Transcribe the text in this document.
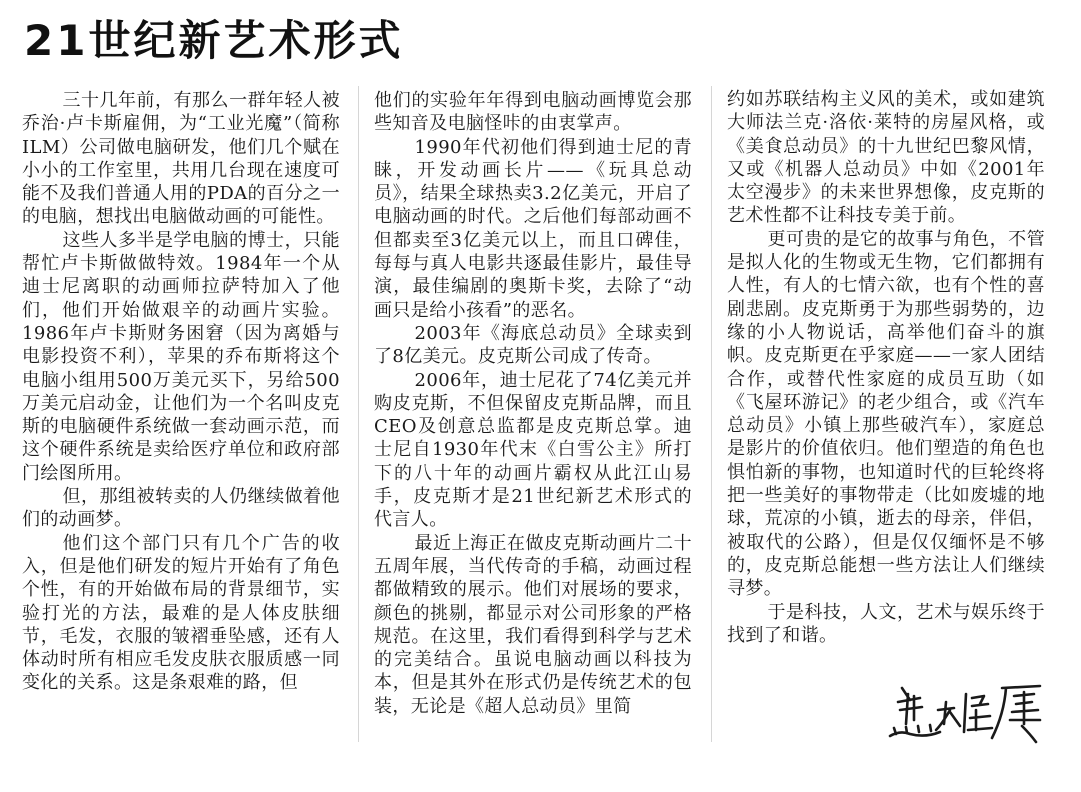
21世纪新艺术形式

三十几年前，有那么一群年轻人被乔治·卢卡斯雇佣，为“工业光魔”（简称ILM）公司做电脑研发，他们几个赋在小小的工作室里，共用几台现在速度可能不及我们普通人用的PDA的百分之一的电脑，想找出电脑做动画的可能性。

这些人多半是学电脑的博士，只能帮忙卢卡斯做做特效。1984年一个从迪士尼离职的动画师拉萨特加入了他们，他们开始做艰辛的动画片实验。1986年卢卡斯财务困窘（因为离婚与电影投资不利），苹果的乔布斯将这个电脑小组用500万美元买下，另给500万美元启动金，让他们为一个名叫皮克斯的电脑硬件系统做一套动画示范，而这个硬件系统是卖给医疗单位和政府部门绘图所用。

但，那组被转卖的人仍继续做着他们的动画梦。

他们这个部门只有几个广告的收入，但是他们研发的短片开始有了角色个性，有的开始做布局的背景细节，实验打光的方法，最难的是人体皮肤细节，毛发，衣服的皱褶垂坠感，还有人体动时所有相应毛发皮肤衣服质感一同变化的关系。这是条艰难的路，但

他们的实验年年得到电脑动画博览会那些知音及电脑怪咔的由衷掌声。

1990年代初他们得到迪士尼的青睐，开发动画长片——《玩具总动员》，结果全球热卖3.2亿美元，开启了电脑动画的时代。之后他们每部动画不但都卖至3亿美元以上，而且口碑佳，每每与真人电影共逐最佳影片，最佳导演，最佳编剧的奥斯卡奖，去除了“动画只是给小孩看”的恶名。

2003年《海底总动员》全球卖到了8亿美元。皮克斯公司成了传奇。

2006年，迪士尼花了74亿美元并购皮克斯，不但保留皮克斯品牌，而且CEO及创意总监都是皮克斯总掌。迪士尼自1930年代末《白雪公主》所打下的八十年的动画片霸权从此江山易手，皮克斯才是21世纪新艺术形式的代言人。

最近上海正在做皮克斯动画片二十五周年展，当代传奇的手稿，动画过程都做精致的展示。他们对展场的要求，颜色的挑剔，都显示对公司形象的严格规范。在这里，我们看得到科学与艺术的完美结合。虽说电脑动画以科技为本，但是其外在形式仍是传统艺术的包装，无论是《超人总动员》里简

约如苏联结构主义风的美术，或如建筑大师法兰克·洛依·莱特的房屋风格，或《美食总动员》的十九世纪巴黎风情，又或《机器人总动员》中如《2001年太空漫步》的未来世界想像，皮克斯的艺术性都不让科技专美于前。

更可贵的是它的故事与角色，不管是拟人化的生物或无生物，它们都拥有人性，有人的七情六欲，也有个性的喜剧悲剧。皮克斯勇于为那些弱势的，边缘的小人物说话，高举他们奋斗的旗帜。皮克斯更在乎家庭——一家人团结合作，或替代性家庭的成员互助（如《飞屋环游记》的老少组合，或《汽车总动员》小镇上那些破汽车），家庭总是影片的价值依归。他们塑造的角色也惧怕新的事物，也知道时代的巨轮终将把一些美好的事物带走（比如废墟的地球，荒凉的小镇，逝去的母亲，伴侣，被取代的公路），但是仅仅缅怀是不够的，皮克斯总能想一些方法让人们继续寻梦。

于是科技，人文，艺术与娱乐终于找到了和谐。
